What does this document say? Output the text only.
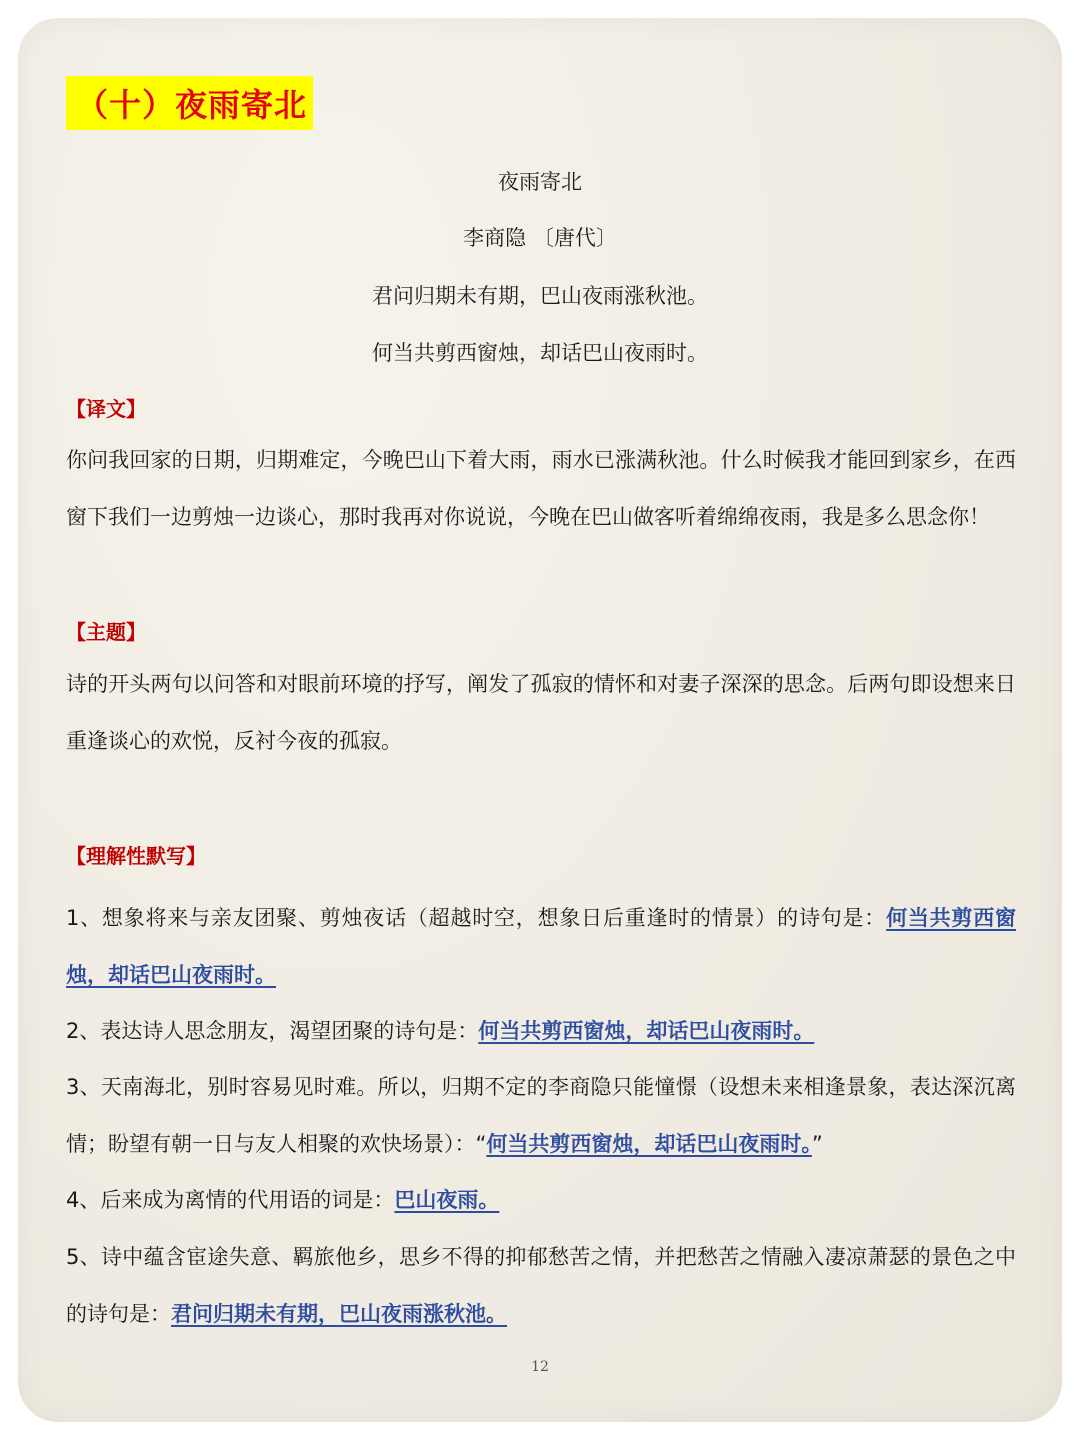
（十）夜雨寄北
夜雨寄北
李商隐 〔唐代〕
君问归期未有期，巴山夜雨涨秋池。
何当共剪西窗烛，却话巴山夜雨时。
【译文】
你问我回家的日期，归期难定，今晚巴山下着大雨，雨水已涨满秋池。什么时候我才能回到家乡，在西窗下我们一边剪烛一边谈心，那时我再对你说说，今晚在巴山做客听着绵绵夜雨，我是多么思念你！
【主题】
诗的开头两句以问答和对眼前环境的抒写，阐发了孤寂的情怀和对妻子深深的思念。后两句即设想来日重逢谈心的欢悦，反衬今夜的孤寂。
【理解性默写】
1、想象将来与亲友团聚、剪烛夜话（超越时空，想象日后重逢时的情景）的诗句是：何当共剪西窗烛，却话巴山夜雨时。
2、表达诗人思念朋友，渴望团聚的诗句是：何当共剪西窗烛，却话巴山夜雨时。
3、天南海北，别时容易见时难。所以，归期不定的李商隐只能憧憬（设想未来相逢景象，表达深沉离情；盼望有朝一日与友人相聚的欢快场景）：“何当共剪西窗烛，却话巴山夜雨时。”
4、后来成为离情的代用语的词是：巴山夜雨。
5、诗中蕴含宦途失意、羁旅他乡，思乡不得的抑郁愁苦之情，并把愁苦之情融入凄凉萧瑟的景色之中的诗句是：君问归期未有期，巴山夜雨涨秋池。
12
